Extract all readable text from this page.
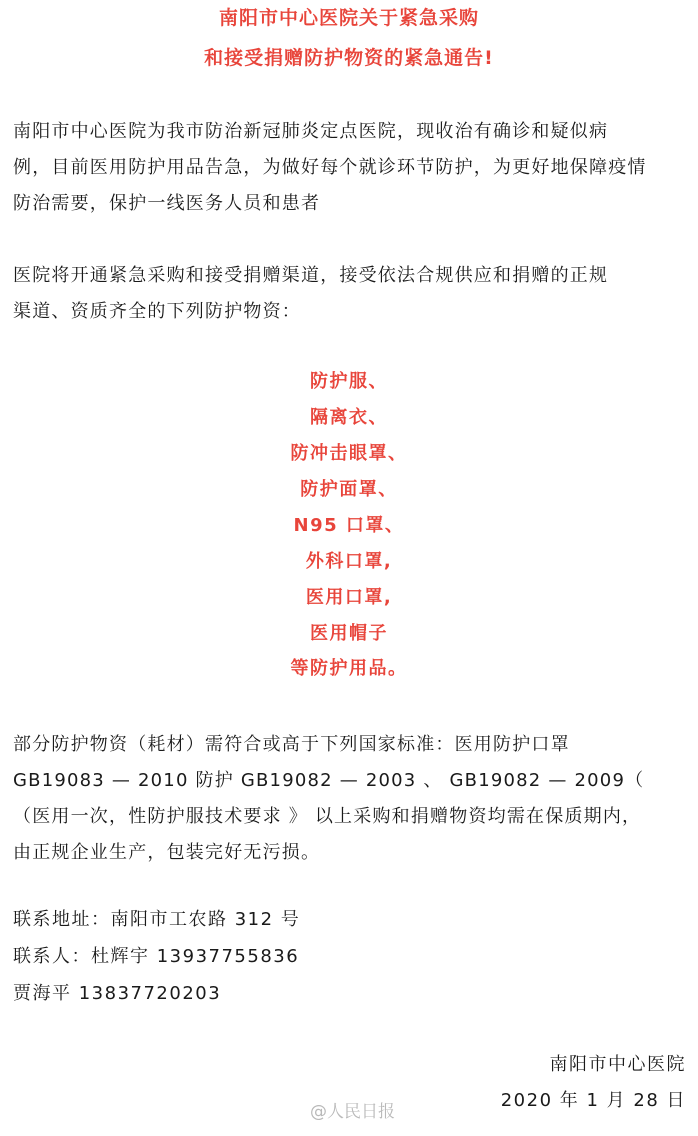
南阳市中心医院关于紧急采购
和接受捐赠防护物资的紧急通告!
南阳市中心医院为我市防治新冠肺炎定点医院，现收治有确诊和疑似病
例，目前医用防护用品告急，为做好每个就诊环节防护，为更好地保障疫情
防治需要，保护一线医务人员和患者
医院将开通紧急采购和接受捐赠渠道，接受依法合规供应和捐赠的正规
渠道、资质齐全的下列防护物资：
防护服、
隔离衣、
防冲击眼罩、
防护面罩、
N95 口罩、
外科口罩,
医用口罩,
医用帽子
等防护用品。
部分防护物资（耗材）需符合或高于下列国家标准：医用防护口罩
GB19083 — 2010 防护 GB19082 — 2003 、 GB19082 — 2009（
（医用一次，性防护服技术要求 》 以上采购和捐赠物资均需在保质期内，
由正规企业生产，包装完好无污损。
联系地址：南阳市工农路 312 号
联系人：杜辉宇 13937755836
贾海平 13837720203
南阳市中心医院
2020 年 1 月 28 日
@人民日报
